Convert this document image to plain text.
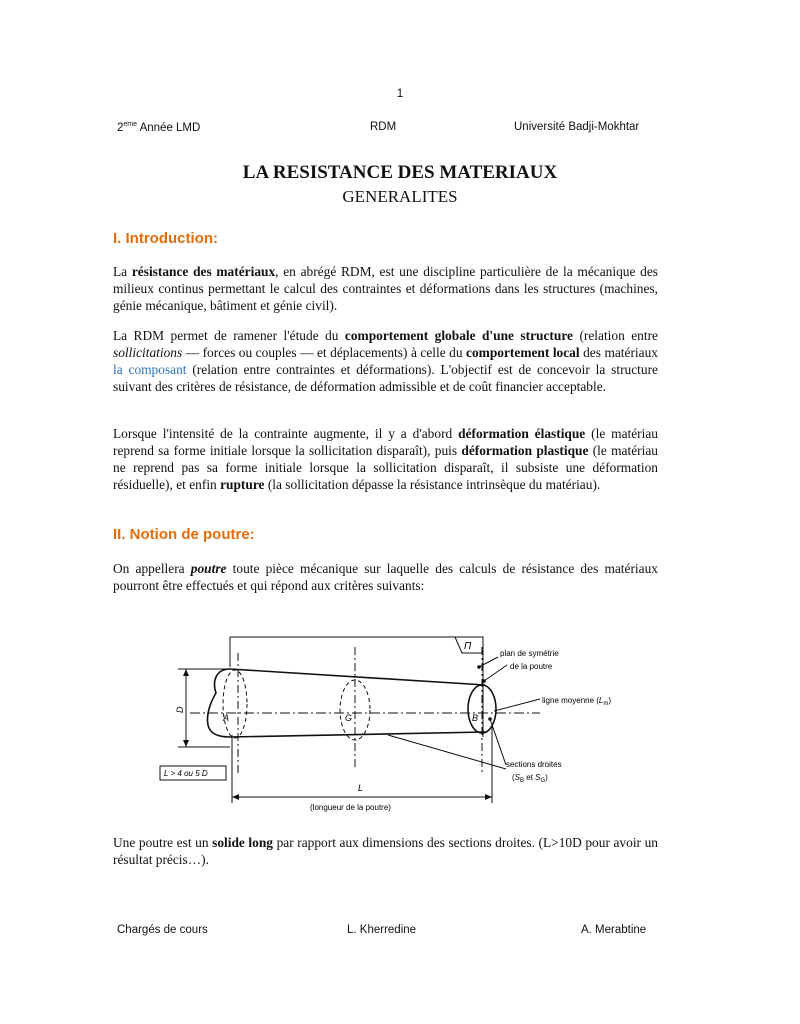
1
2eme Année LMD	RDM	Université Badji-Mokhtar
LA RESISTANCE DES MATERIAUX
GENERALITES
I. Introduction:
La résistance des matériaux, en abrégé RDM, est une discipline particulière de la mécanique des milieux continus permettant le calcul des contraintes et déformations dans les structures (machines, génie mécanique, bâtiment et génie civil).
La RDM permet de ramener l'étude du comportement globale d'une structure (relation entre sollicitations — forces ou couples — et déplacements) à celle du comportement local des matériaux la composant (relation entre contraintes et déformations). L'objectif est de concevoir la structure suivant des critères de résistance, de déformation admissible et de coût financier acceptable.
Lorsque l'intensité de la contrainte augmente, il y a d'abord déformation élastique (le matériau reprend sa forme initiale lorsque la sollicitation disparaît), puis déformation plastique (le matériau ne reprend pas sa forme initiale lorsque la sollicitation disparaît, il subsiste une déformation résiduelle), et enfin rupture (la sollicitation dépasse la résistance intrinsèque du matériau).
II. Notion de poutre:
On appellera poutre toute pièce mécanique sur laquelle des calculs de résistance des matériaux pourront être effectués et qui répond aux critères suivants:
Π
plan de symétrie
de la poutre
ligne moyenne $(L_m)$
D
A	G	B
sections droites
($S_B$ et $S_G$)
L > 4 ou 5 D
L
(longueur de la poutre)
Une poutre est un solide long par rapport aux dimensions des sections droites. (L>10D pour avoir un résultat précis…).
Chargés de cours	L. Kherredine	A. Merabtine
